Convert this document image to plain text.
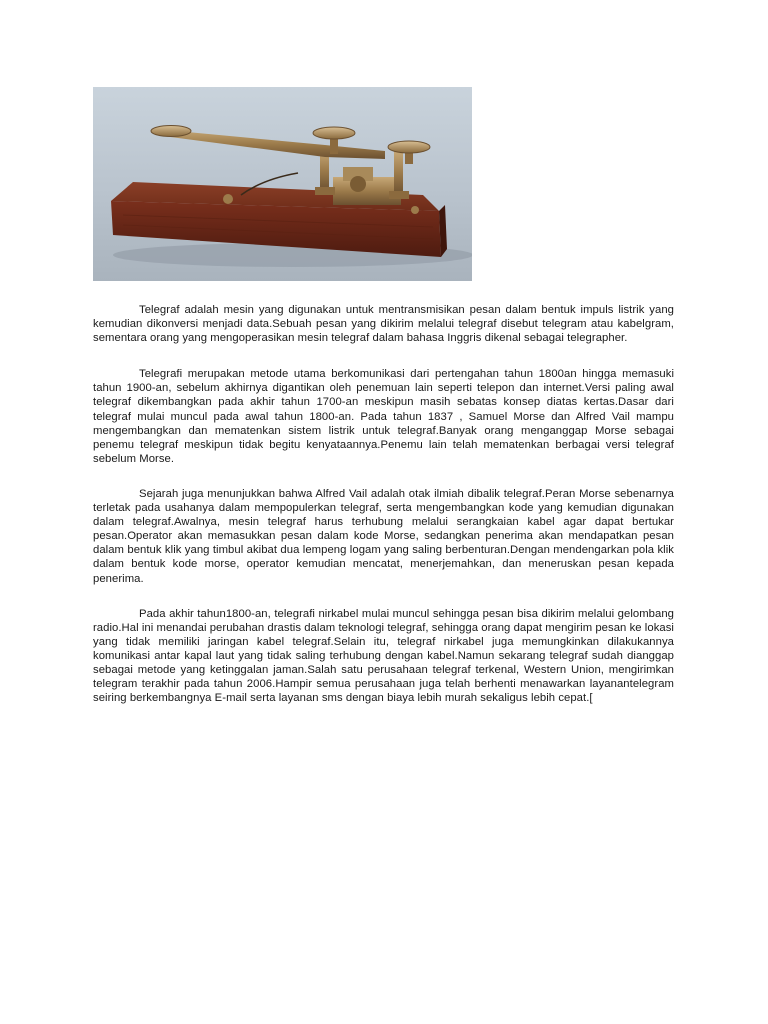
Telegraf adalah mesin yang digunakan untuk mentransmisikan pesan dalam bentuk impuls listrik yang kemudian dikonversi menjadi data.Sebuah pesan yang dikirim melalui telegraf disebut telegram atau kabelgram, sementara orang yang mengoperasikan mesin telegraf dalam bahasa Inggris dikenal sebagai telegrapher.

Telegrafi merupakan metode utama berkomunikasi dari pertengahan tahun 1800an hingga memasuki tahun 1900-an, sebelum akhirnya digantikan oleh penemuan lain seperti telepon dan internet.Versi paling awal telegraf dikembangkan pada akhir tahun 1700-an meskipun masih sebatas konsep diatas kertas.Dasar dari telegraf mulai muncul pada awal tahun 1800-an. Pada tahun 1837 , Samuel Morse dan Alfred Vail mampu mengembangkan dan mematenkan sistem listrik untuk telegraf.Banyak orang menganggap Morse sebagai penemu telegraf meskipun tidak begitu kenyataannya.Penemu lain telah mematenkan berbagai versi telegraf sebelum Morse.

Sejarah juga menunjukkan bahwa Alfred Vail adalah otak ilmiah dibalik telegraf.Peran Morse sebenarnya terletak pada usahanya dalam mempopulerkan telegraf, serta mengembangkan kode yang kemudian digunakan dalam telegraf.Awalnya, mesin telegraf harus terhubung melalui serangkaian kabel agar dapat bertukar pesan.Operator akan memasukkan pesan dalam kode Morse, sedangkan penerima akan mendapatkan pesan dalam bentuk klik yang timbul akibat dua lempeng logam yang saling berbenturan.Dengan mendengarkan pola klik dalam bentuk kode morse, operator kemudian mencatat, menerjemahkan, dan meneruskan pesan kepada penerima.

Pada akhir tahun1800-an, telegrafi nirkabel mulai muncul sehingga pesan bisa dikirim melalui gelombang radio.Hal ini menandai perubahan drastis dalam teknologi telegraf, sehingga orang dapat mengirim pesan ke lokasi yang tidak memiliki jaringan kabel telegraf.Selain itu, telegraf nirkabel juga memungkinkan dilakukannya komunikasi antar kapal laut yang tidak saling terhubung dengan kabel.Namun sekarang telegraf sudah dianggap sebagai metode yang ketinggalan jaman.Salah satu perusahaan telegraf terkenal, Western Union, mengirimkan telegram terakhir pada tahun 2006.Hampir semua perusahaan juga telah berhenti menawarkan layanantelegram seiring berkembangnya E-mail serta layanan sms dengan biaya lebih murah sekaligus lebih cepat.[
